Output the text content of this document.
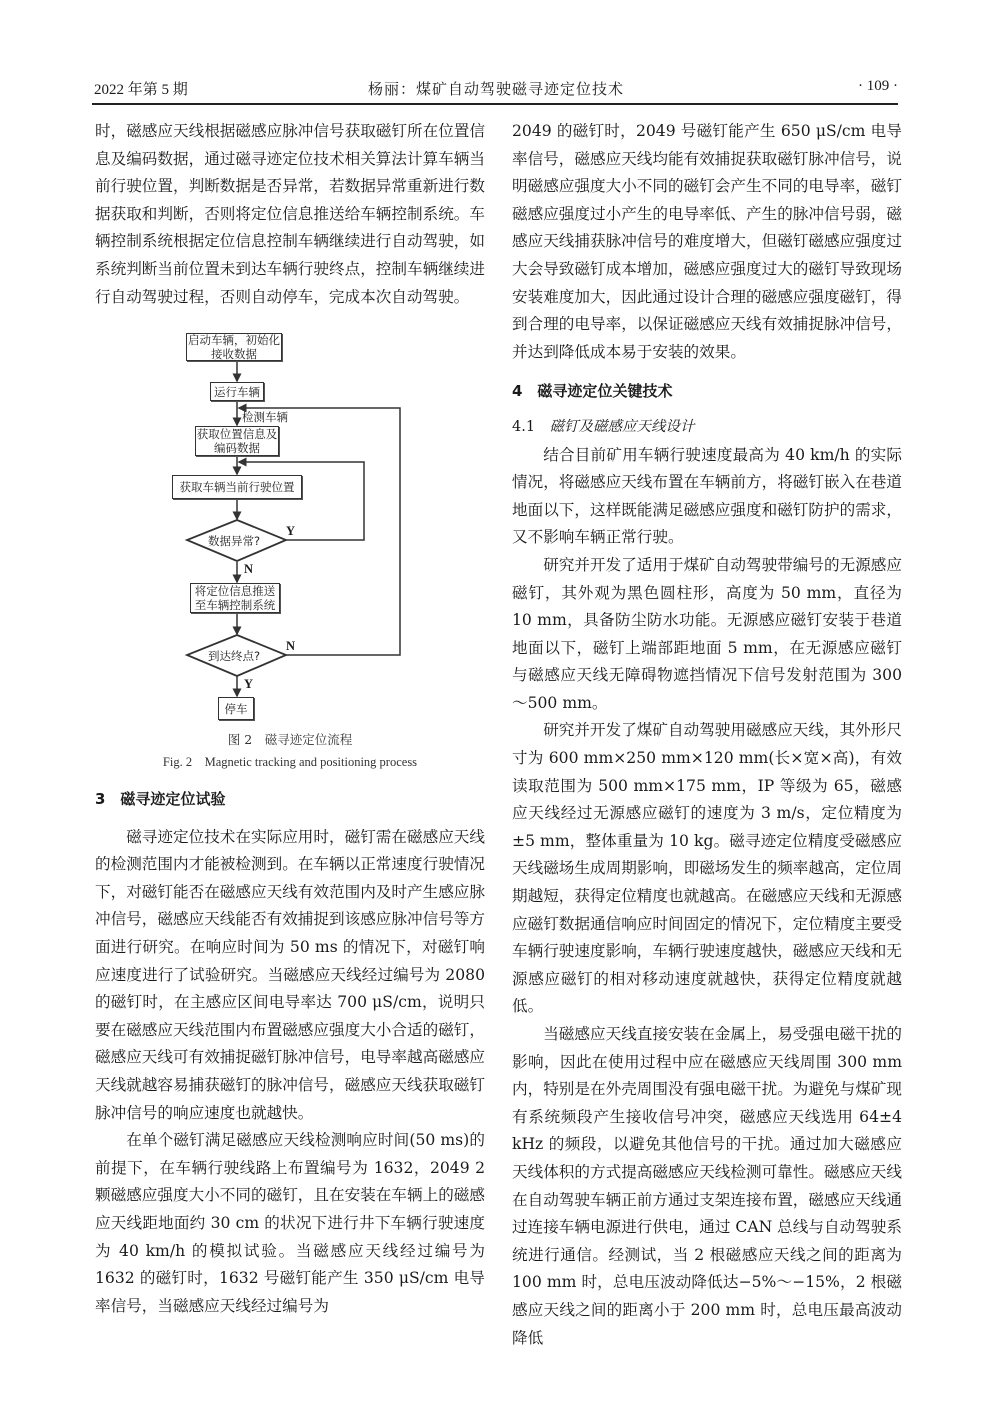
2022 年第 5 期	杨丽：煤矿自动驾驶磁寻迹定位技术	· 109 ·

时，磁感应天线根据磁感应脉冲信号获取磁钉所在位置信息及编码数据，通过磁寻迹定位技术相关算法计算车辆当前行驶位置，判断数据是否异常，若数据异常重新进行数据获取和判断，否则将定位信息推送给车辆控制系统。车辆控制系统根据定位信息控制车辆继续进行自动驾驶，如系统判断当前位置未到达车辆行驶终点，控制车辆继续进行自动驾驶过程，否则自动停车，完成本次自动驾驶。

启动车辆，初始化接收数据
运行车辆
检测车辆
获取位置信息及编码数据
获取车辆当前行驶位置
数据异常?
Y
N
将定位信息推送至车辆控制系统
到达终点?
N
Y
停车
图 2　磁寻迹定位流程
Fig. 2　Magnetic tracking and positioning process

3　磁寻迹定位试验

磁寻迹定位技术在实际应用时，磁钉需在磁感应天线的检测范围内才能被检测到。在车辆以正常速度行驶情况下，对磁钉能否在磁感应天线有效范围内及时产生感应脉冲信号，磁感应天线能否有效捕捉到该感应脉冲信号等方面进行研究。在响应时间为 50 ms 的情况下，对磁钉响应速度进行了试验研究。当磁感应天线经过编号为 2080 的磁钉时，在主感应区间电导率达 700 μS/cm，说明只要在磁感应天线范围内布置磁感应强度大小合适的磁钉，磁感应天线可有效捕捉磁钉脉冲信号，电导率越高磁感应天线就越容易捕获磁钉的脉冲信号，磁感应天线获取磁钉脉冲信号的响应速度也就越快。

在单个磁钉满足磁感应天线检测响应时间(50 ms)的前提下，在车辆行驶线路上布置编号为 1632，2049 2 颗磁感应强度大小不同的磁钉，且在安装在车辆上的磁感应天线距地面约 30 cm 的状况下进行井下车辆行驶速度为 40 km/h 的模拟试验。当磁感应天线经过编号为 1632 的磁钉时，1632 号磁钉能产生 350 μS/cm 电导率信号，当磁感应天线经过编号为

2049 的磁钉时，2049 号磁钉能产生 650 μS/cm 电导率信号，磁感应天线均能有效捕捉获取磁钉脉冲信号，说明磁感应强度大小不同的磁钉会产生不同的电导率，磁钉磁感应强度过小产生的电导率低、产生的脉冲信号弱，磁感应天线捕获脉冲信号的难度增大，但磁钉磁感应强度过大会导致磁钉成本增加，磁感应强度过大的磁钉导致现场安装难度加大，因此通过设计合理的磁感应强度磁钉，得到合理的电导率，以保证磁感应天线有效捕捉脉冲信号，并达到降低成本易于安装的效果。

4　磁寻迹定位关键技术

4.1　 磁钉及磁感应天线设计

结合目前矿用车辆行驶速度最高为 40 km/h 的实际情况，将磁感应天线布置在车辆前方，将磁钉嵌入在巷道地面以下，这样既能满足磁感应强度和磁钉防护的需求，又不影响车辆正常行驶。

研究并开发了适用于煤矿自动驾驶带编号的无源感应磁钉，其外观为黑色圆柱形，高度为 50 mm，直径为 10 mm，具备防尘防水功能。无源感应磁钉安装于巷道地面以下，磁钉上端部距地面 5 mm，在无源感应磁钉与磁感应天线无障碍物遮挡情况下信号发射范围为 300～500 mm。

研究并开发了煤矿自动驾驶用磁感应天线，其外形尺寸为 600 mm×250 mm×120 mm(长×宽×高)，有效读取范围为 500 mm×175 mm，IP 等级为 65，磁感应天线经过无源感应磁钉的速度为 3 m/s，定位精度为±5 mm，整体重量为 10 kg。磁寻迹定位精度受磁感应天线磁场生成周期影响，即磁场发生的频率越高，定位周期越短，获得定位精度也就越高。在磁感应天线和无源感应磁钉数据通信响应时间固定的情况下，定位精度主要受车辆行驶速度影响，车辆行驶速度越快，磁感应天线和无源感应磁钉的相对移动速度就越快，获得定位精度就越低。

当磁感应天线直接安装在金属上，易受强电磁干扰的影响，因此在使用过程中应在磁感应天线周围 300 mm 内，特别是在外壳周围没有强电磁干扰。为避免与煤矿现有系统频段产生接收信号冲突，磁感应天线选用 64±4 kHz 的频段，以避免其他信号的干扰。通过加大磁感应天线体积的方式提高磁感应天线检测可靠性。磁感应天线在自动驾驶车辆正前方通过支架连接布置，磁感应天线通过连接车辆电源进行供电，通过 CAN 总线与自动驾驶系统进行通信。经测试，当 2 根磁感应天线之间的距离为 100 mm 时，总电压波动降低达−5%～−15%，2 根磁感应天线之间的距离小于 200 mm 时，总电压最高波动降低
